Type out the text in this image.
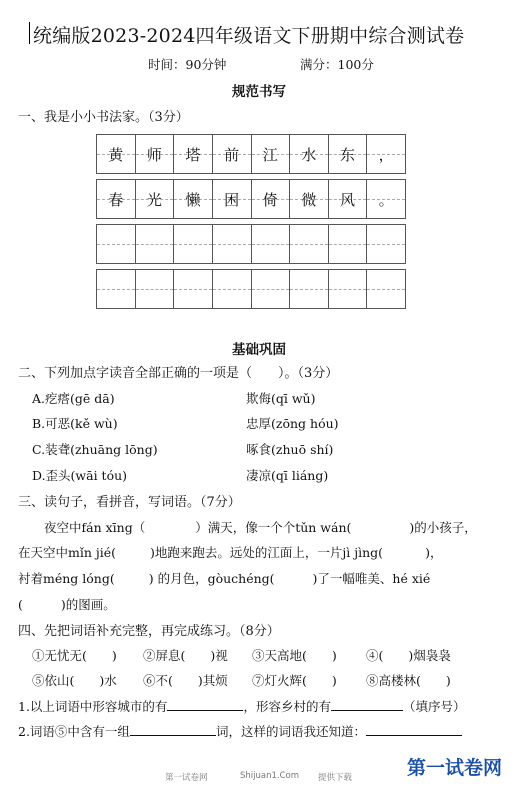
统编版2023-2024四年级语文下册期中综合测试卷
时间：90分钟	满分：100分
规范书写
一、我是小小书法家。（3分）
黄 师 塔 前 江 水 东 ，
春 光 懒 困 倚 微 风 。
基础巩固
二、下列加点字读音全部正确的一项是（　　）。（3分）
A.疙瘩(gē dā)	欺侮(qī wǔ)
B.可恶(kě wù)	忠厚(zōng hóu)
C.装聋(zhuāng lōng)	啄食(zhuō shí)
D.歪头(wāi tóu)	凄凉(qī liáng)
三、读句子，看拼音，写词语。（7分）
夜空中fán xīng（	）满天，像一个个tǔn wán(	)的小孩子，
在天空中mǐn jié(	)地跑来跑去。远处的江面上，一片jì jìng(	)，
衬着méng lóng(	) 的月色，gòuchéng(	)了一幅唯美、hé xié
(	)的图画。
四、先把词语补充完整，再完成练习。（8分）
①无忧无(　　) ②屏息(　　)视 ③天高地(　　) ④(　　)烟袅袅
⑤依山(　　)水 ⑥不(　　)其烦 ⑦灯火辉(　　) ⑧高楼林(　　)
1.以上词语中形容城市的有	，形容乡村的有	（填序号）
2.词语⑤中含有一组	词，这样的词语我还知道：
第一试卷网	Shijuan1.Com 提供下载	第一试卷网
